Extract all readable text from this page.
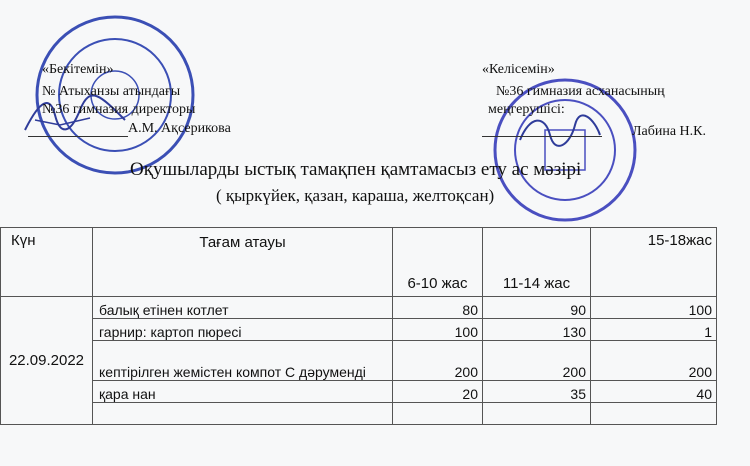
«Бекітемін»
№ Атыханзы атындағы
№36 гимназия директоры
А.М. Ақсерикова
«Келісемін»
№36 гимназия асханасының
меңгерушісі:
Лабина Н.К.
Оқушыларды ыстық тамақпен қамтамасыз ету ас мәзірі
( қыркүйек, қазан, караша, желтоқсан)
Күн	Тағам атауы	6-10 жас	11-14 жас	15-18жас
22.09.2022	балық етінен котлет	80	90	100
	гарнир: картоп пюресі	100	130	1
	кептірілген жемістен компот С дәруменді	200	200	200
	қара нан	20	35	40
